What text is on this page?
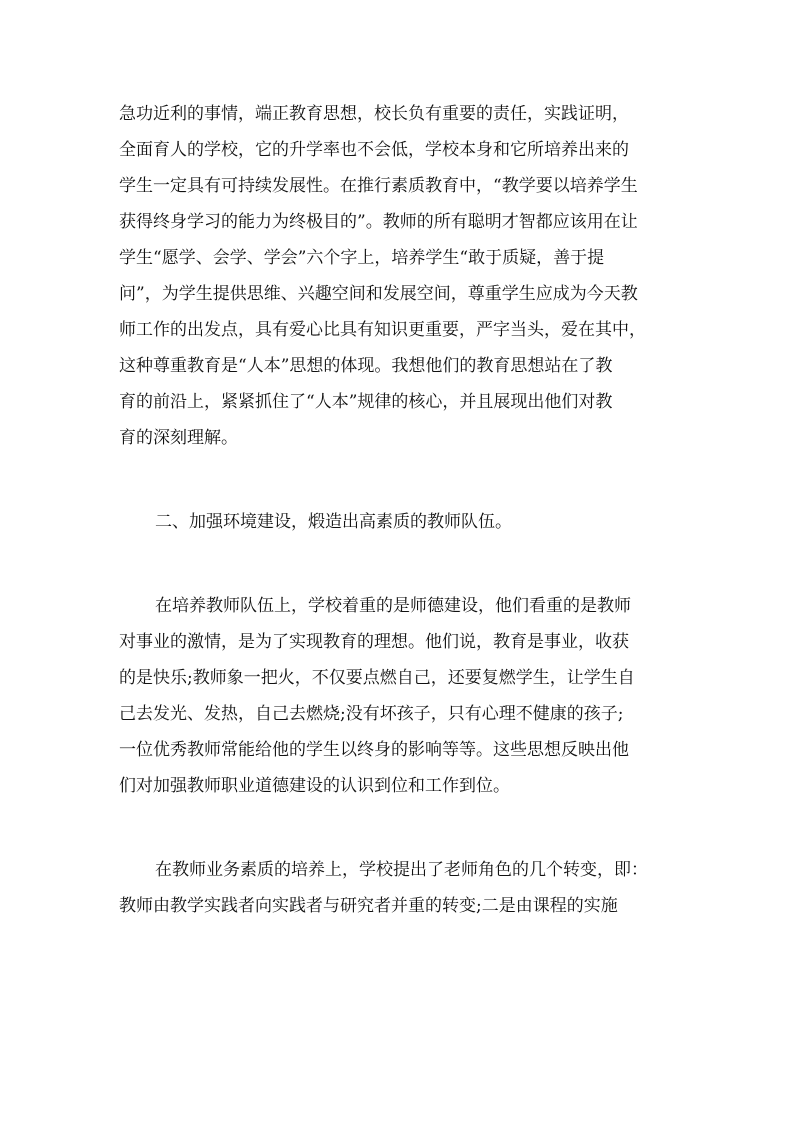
急功近利的事情，端正教育思想，校长负有重要的责任，实践证明，
全面育人的学校，它的升学率也不会低，学校本身和它所培养出来的
学生一定具有可持续发展性。在推行素质教育中，“教学要以培养学生
获得终身学习的能力为终极目的”。教师的所有聪明才智都应该用在让
学生“愿学、会学、学会”六个字上，培养学生“敢于质疑，善于提
问”，为学生提供思维、兴趣空间和发展空间，尊重学生应成为今天教
师工作的出发点，具有爱心比具有知识更重要，严字当头，爱在其中，
这种尊重教育是“人本”思想的体现。我想他们的教育思想站在了教
育的前沿上，紧紧抓住了“人本”规律的核心，并且展现出他们对教
育的深刻理解。
二、加强环境建设，煅造出高素质的教师队伍。
在培养教师队伍上，学校着重的是师德建设，他们看重的是教师
对事业的激情，是为了实现教育的理想。他们说，教育是事业，收获
的是快乐;教师象一把火，不仅要点燃自己，还要复燃学生，让学生自
己去发光、发热，自己去燃烧;没有坏孩子，只有心理不健康的孩子;
一位优秀教师常能给他的学生以终身的影响等等。这些思想反映出他
们对加强教师职业道德建设的认识到位和工作到位。
在教师业务素质的培养上，学校提出了老师角色的几个转变，即：
教师由教学实践者向实践者与研究者并重的转变;二是由课程的实施
